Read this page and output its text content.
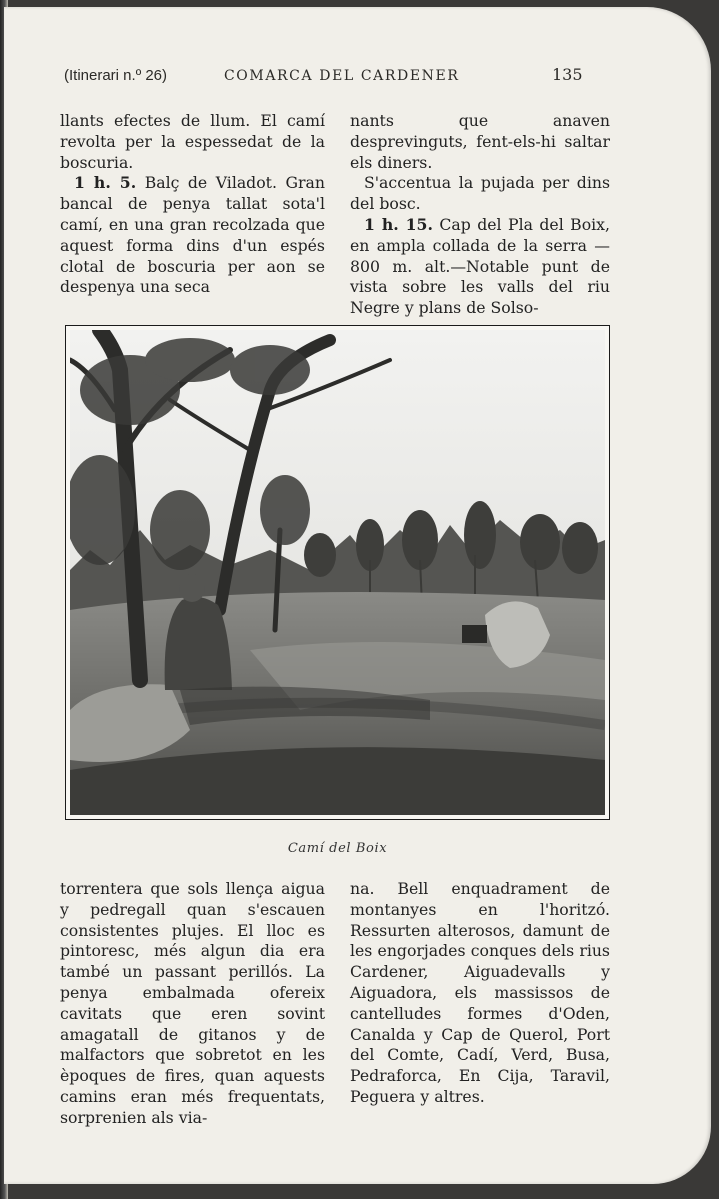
(Itinerari n.º 26)	COMARCA DEL CARDENER	135

llants efectes de llum. El camí revolta per la espessedat de la boscuria.

1 h. 5. Balç de Viladot. Gran bancal de penya tallat sota'l camí, en una gran recolzada que aquest forma dins d'un espés clotal de boscuria per aon se despenya una seca

nants que anaven desprevinguts, fent-els-hi saltar els diners.

S'accentua la pujada per dins del bosc.

1 h. 15. Cap del Pla del Boix, en ampla collada de la serra —800 m. alt.—Notable punt de vista sobre les valls del riu Negre y plans de Solso-

Camí del Boix

torrentera que sols llença aigua y pedregall quan s'escauen consistentes plujes. El lloc es pintoresc, més algun dia era també un passant perillós. La penya embalmada ofereix cavitats que eren sovint amagatall de gitanos y de malfactors que sobretot en les èpoques de fires, quan aquests camins eran més frequentats, sorprenien als via-

na. Bell enquadrament de montanyes en l'horitzó. Ressurten alterosos, damunt de les engorjades conques dels rius Cardener, Aiguadevalls y Aiguadora, els massissos de cantelludes formes d'Oden, Canalda y Cap de Querol, Port del Comte, Cadí, Verd, Busa, Pedraforca, En Cija, Taravil, Peguera y altres.
